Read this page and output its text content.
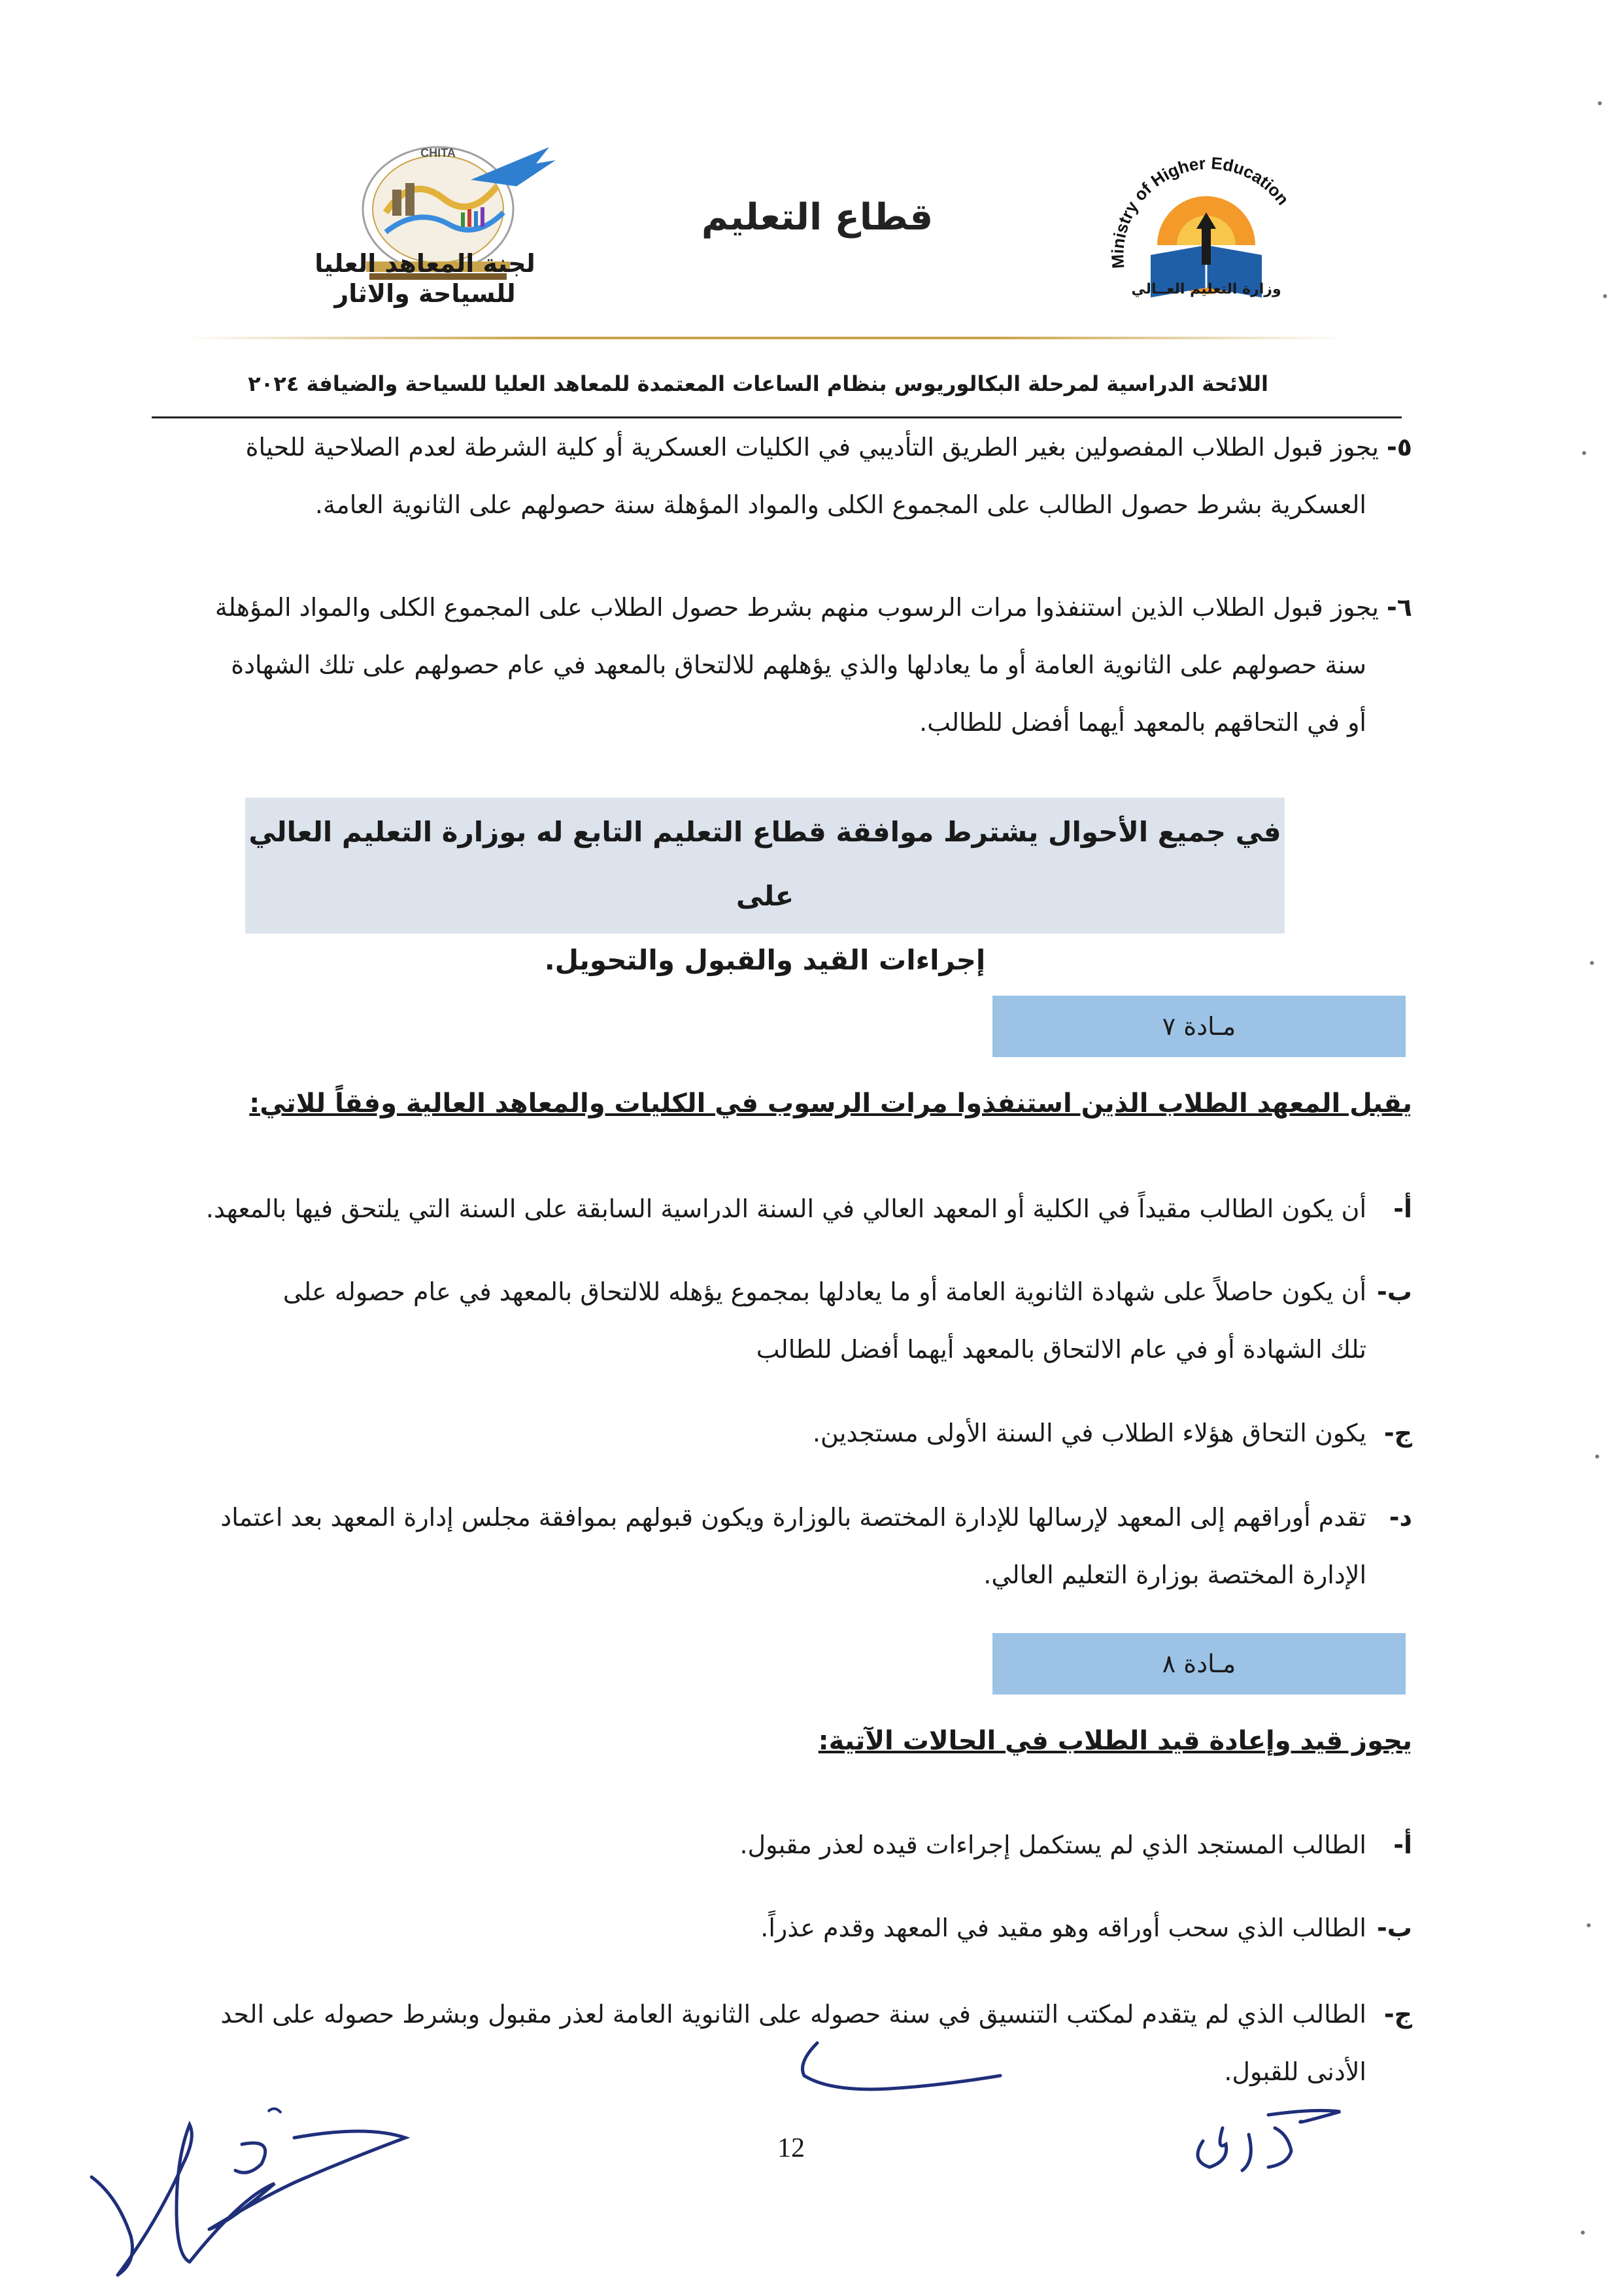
CHITA
Ministry of Higher Education
قطاع التعليم
لجنة المعاهد العليا
للسياحة والاثار	وزارة التعليم العــالي
اللائحة الدراسية لمرحلة البكالوريوس بنظام الساعات المعتمدة للمعاهد العليا للسياحة والضيافة ٢٠٢٤
٥- يجوز قبول الطلاب المفصولين بغير الطريق التأديبي في الكليات العسكرية أو كلية الشرطة لعدم الصلاحية للحياة
العسكرية بشرط حصول الطالب على المجموع الكلى والمواد المؤهلة سنة حصولهم على الثانوية العامة.
٦- يجوز قبول الطلاب الذين استنفذوا مرات الرسوب منهم بشرط حصول الطلاب على المجموع الكلى والمواد المؤهلة
سنة حصولهم على الثانوية العامة أو ما يعادلها والذي يؤهلهم للالتحاق بالمعهد في عام حصولهم على تلك الشهادة
أو في التحاقهم بالمعهد أيهما أفضل للطالب.
في جميع الأحوال يشترط موافقة قطاع التعليم التابع له بوزارة التعليم العالي على
إجراءات القيد والقبول والتحويل.
مـادة ٧
يقبل المعهد الطلاب الذين استنفذوا مرات الرسوب في الكليات والمعاهد العالية وفقاً للاتي:
أ-أن يكون الطالب مقيداً في الكلية أو المعهد العالي في السنة الدراسية السابقة على السنة التي يلتحق فيها بالمعهد.
ب-أن يكون حاصلاً على شهادة الثانوية العامة أو ما يعادلها بمجموع يؤهله للالتحاق بالمعهد في عام حصوله على
تلك الشهادة أو في عام الالتحاق بالمعهد أيهما أفضل للطالب
ج-يكون التحاق هؤلاء الطلاب في السنة الأولى مستجدين.
د-تقدم أوراقهم إلى المعهد لإرسالها للإدارة المختصة بالوزارة ويكون قبولهم بموافقة مجلس إدارة المعهد بعد اعتماد
الإدارة المختصة بوزارة التعليم العالي.
مـادة ٨
يجوز قيد وإعادة قيد الطلاب في الحالات الآتية:
أ-الطالب المستجد الذي لم يستكمل إجراءات قيده لعذر مقبول.
ب-الطالب الذي سحب أوراقه وهو مقيد في المعهد وقدم عذراً.
ج-الطالب الذي لم يتقدم لمكتب التنسيق في سنة حصوله على الثانوية العامة لعذر مقبول وبشرط حصوله على الحد
الأدنى للقبول.
12
